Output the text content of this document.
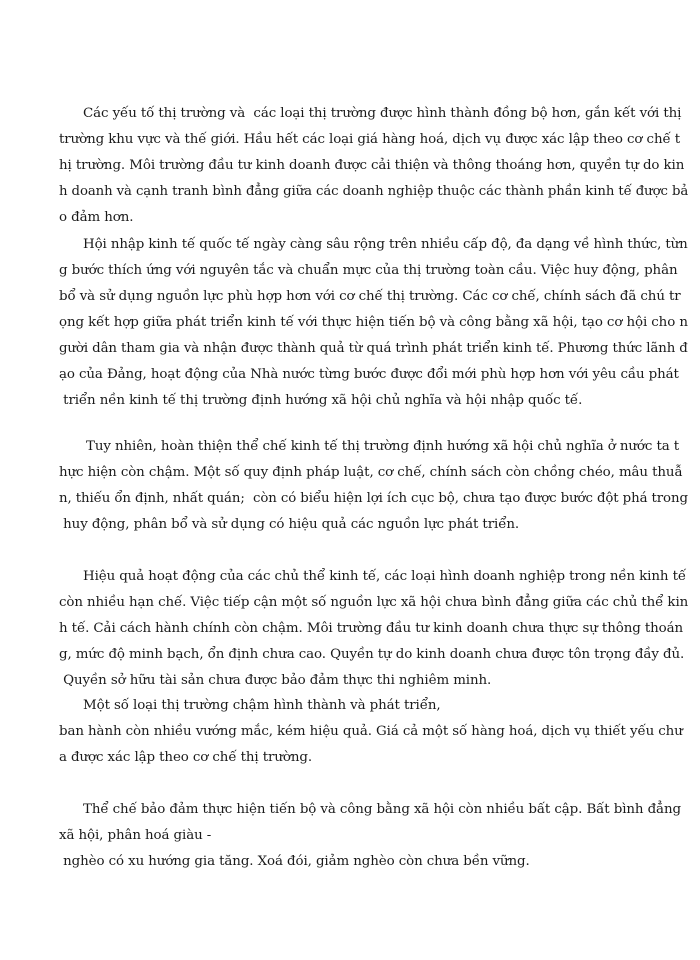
Các yếu tố thị trường và  các loại thị trường được hình thành đồng bộ hơn, gắn kết với thị
trường khu vực và thế giới. Hầu hết các loại giá hàng hoá, dịch vụ được xác lập theo cơ chế t
hị trường. Môi trường đầu tư kinh doanh được cải thiện và thông thoáng hơn, quyền tự do kin
h doanh và cạnh tranh bình đẳng giữa các doanh nghiệp thuộc các thành phần kinh tế được bả
o đảm hơn.
Hội nhập kinh tế quốc tế ngày càng sâu rộng trên nhiều cấp độ, đa dạng về hình thức, từn
g bước thích ứng với nguyên tắc và chuẩn mực của thị trường toàn cầu. Việc huy động, phân
bổ và sử dụng nguồn lực phù hợp hơn với cơ chế thị trường. Các cơ chế, chính sách đã chú tr
ọng kết hợp giữa phát triển kinh tế với thực hiện tiến bộ và công bằng xã hội, tạo cơ hội cho n
gười dân tham gia và nhận được thành quả từ quá trình phát triển kinh tế. Phương thức lãnh đ
ạo của Đảng, hoạt động của Nhà nước từng bước được đổi mới phù hợp hơn với yêu cầu phát
triển nền kinh tế thị trường định hướng xã hội chủ nghĩa và hội nhập quốc tế.
Tuy nhiên, hoàn thiện thể chế kinh tế thị trường định hướng xã hội chủ nghĩa ở nước ta t
hực hiện còn chậm. Một số quy định pháp luật, cơ chế, chính sách còn chồng chéo, mâu thuẫ
n, thiếu ổn định, nhất quán;  còn có biểu hiện lợi ích cục bộ, chưa tạo được bước đột phá trong
huy động, phân bổ và sử dụng có hiệu quả các nguồn lực phát triển.
Hiệu quả hoạt động của các chủ thể kinh tế, các loại hình doanh nghiệp trong nền kinh tế
còn nhiều hạn chế. Việc tiếp cận một số nguồn lực xã hội chưa bình đẳng giữa các chủ thể kin
h tế. Cải cách hành chính còn chậm. Môi trường đầu tư kinh doanh chưa thực sự thông thoán
g, mức độ minh bạch, ổn định chưa cao. Quyền tự do kinh doanh chưa được tôn trọng đầy đủ.
Quyền sở hữu tài sản chưa được bảo đảm thực thi nghiêm minh.
Một số loại thị trường chậm hình thành và phát triển,
ban hành còn nhiều vướng mắc, kém hiệu quả. Giá cả một số hàng hoá, dịch vụ thiết yếu chư
a được xác lập theo cơ chế thị trường.
Thể chế bảo đảm thực hiện tiến bộ và công bằng xã hội còn nhiều bất cập. Bất bình đẳng
xã hội, phân hoá giàu -
nghèo có xu hướng gia tăng. Xoá đói, giảm nghèo còn chưa bền vững.
